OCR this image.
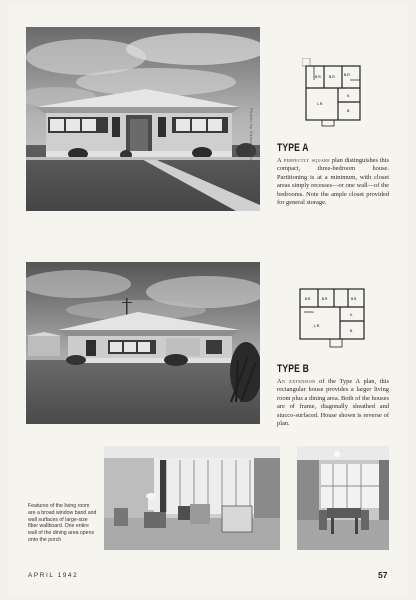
Photos by Samuel H. Gottscho-Schleisner
B.R. B.R. B.R.
L.R.
K.
B.
TYPE A
A perfectly square plan distinguishes this compact, three-bedroom house. Partitioning is at a minimum, with closet areas simply recesses—or one wall—of the bedrooms. Note the ample closet provided for general storage.
B.R.	B.R.	B.R.
DINING
L.R.
K.
B.
TYPE B
An extension of the Type A plan, this rectangular house provides a larger living room plus a dining area. Both of the houses are of frame, diagonally sheathed and stucco-surfaced. House shown is reverse of plan.
Features of the living room are a broad window band and wall surfaces of large-size fiber wallboard. One entire wall of the dining area opens onto the porch
APRIL 1942	57
